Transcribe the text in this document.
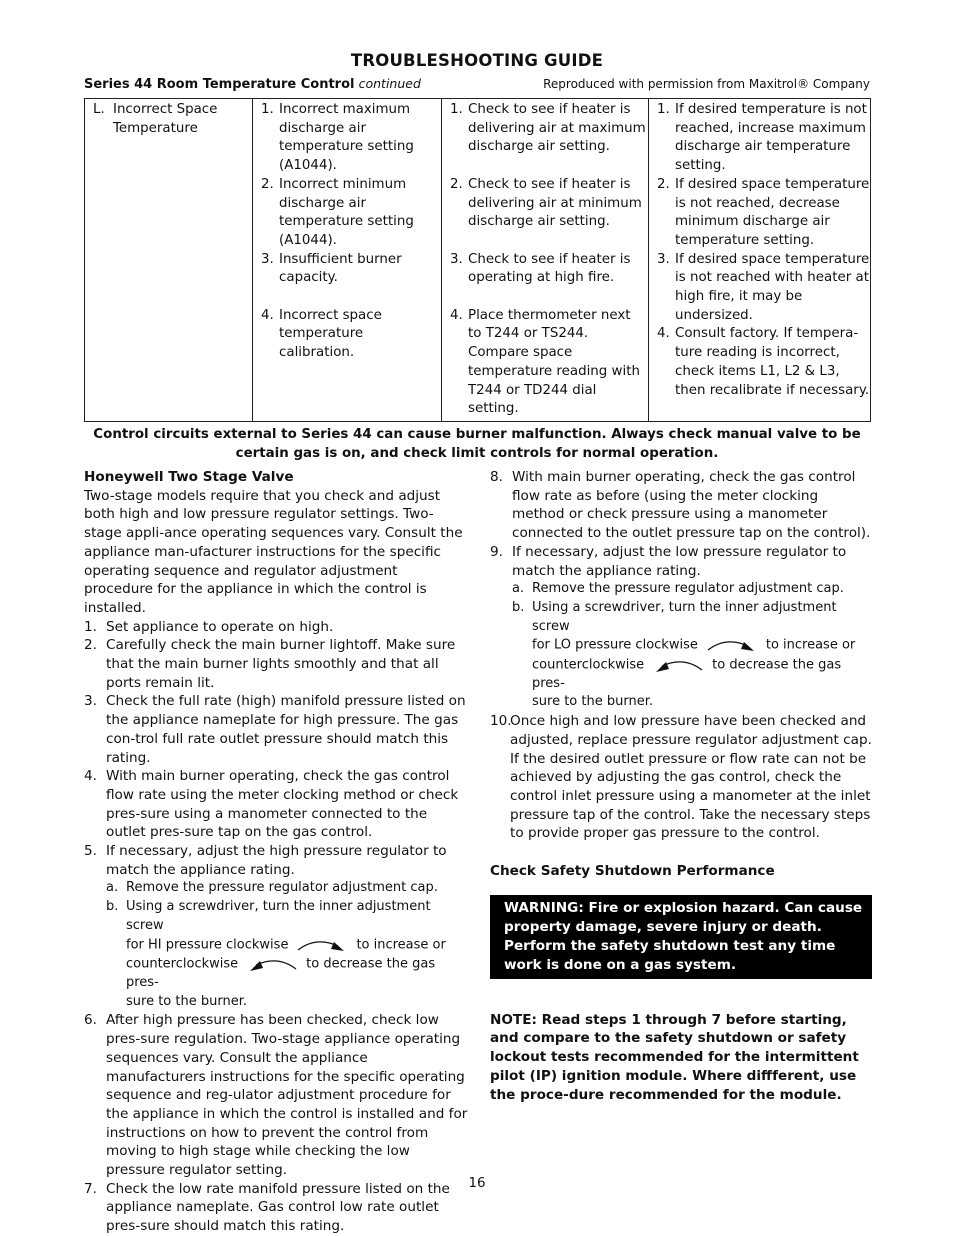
TROUBLESHOOTING GUIDE
Series 44 Room Temperature Control continued	Reproduced with permission from Maxitrol® Company
L. Incorrect Space Temperature

1. Incorrect maximum discharge air temperature setting (A1044).
2. Incorrect minimum discharge air temperature setting (A1044).
3. Insufficient burner capacity.
4. Incorrect space temperature calibration.

1. Check to see if heater is delivering air at maximum discharge air setting.
2. Check to see if heater is delivering air at minimum discharge air setting.
3. Check to see if heater is operating at high fire.
4. Place thermometer next to T244 or TS244. Compare space temperature reading with T244 or TD244 dial setting.

1. If desired temperature is not reached, increase maximum discharge air temperature setting.
2. If desired space temperature is not reached, decrease minimum discharge air temperature setting.
3. If desired space temperature is not reached with heater at high fire, it may be undersized.
4. Consult factory. If tempera-ture reading is incorrect, check items L1, L2 & L3, then recalibrate if necessary.
Control circuits external to Series 44 can cause burner malfunction. Always check manual valve to be certain gas is on, and check limit controls for normal operation.
Honeywell Two Stage Valve

Two-stage models require that you check and adjust both high and low pressure regulator settings. Two-stage appli-ance operating sequences vary. Consult the appliance man-ufacturer instructions for the specific operating sequence and regulator adjustment procedure for the appliance in which the control is installed.

1. Set appliance to operate on high.
2. Carefully check the main burner lightoff. Make sure that the main burner lights smoothly and that all ports remain lit.
3. Check the full rate (high) manifold pressure listed on the appliance nameplate for high pressure. The gas con-trol full rate outlet pressure should match this rating.
4. With main burner operating, check the gas control flow rate using the meter clocking method or check pres-sure using a manometer connected to the outlet pres-sure tap on the gas control.
5. If necessary, adjust the high pressure regulator to match the appliance rating.
a. Remove the pressure regulator adjustment cap.
b. Using a screwdriver, turn the inner adjustment screw
for HI pressure clockwise	to increase or
counterclockwise	to decrease the gas pres-
sure to the burner.
6. After high pressure has been checked, check low pres-sure regulation. Two-stage appliance operating sequences vary. Consult the appliance manufacturers instructions for the specific operating sequence and reg-ulator adjustment procedure for the appliance in which the control is installed and for instructions on how to prevent the control from moving to high stage while checking the low pressure regulator setting.
7. Check the low rate manifold pressure listed on the appliance nameplate. Gas control low rate outlet pres-sure should match this rating.
8. With main burner operating, check the gas control flow rate as before (using the meter clocking method or check pressure using a manometer connected to the outlet pressure tap on the control).
9. If necessary, adjust the low pressure regulator to match the appliance rating.
a. Remove the pressure regulator adjustment cap.
b. Using a screwdriver, turn the inner adjustment screw
for LO pressure clockwise	to increase or
counterclockwise	to decrease the gas pres-
sure to the burner.
10.
Once high and low pressure have been checked and adjusted, replace pressure regulator adjustment cap. If the desired outlet pressure or flow rate can not be achieved by adjusting the gas control, check the control inlet pressure using a manometer at the inlet pressure tap of the control. Take the necessary steps to provide proper gas pressure to the control.
Check Safety Shutdown Performance
WARNING: Fire or explosion hazard. Can cause property damage, severe injury or death. Perform the safety shutdown test any time work is done on a gas system.
NOTE: Read steps 1 through 7 before starting, and compare to the safety shutdown or safety lockout tests recommended for the intermittent pilot (IP) ignition module. Where diffferent, use the proce-dure recommended for the module.
16
